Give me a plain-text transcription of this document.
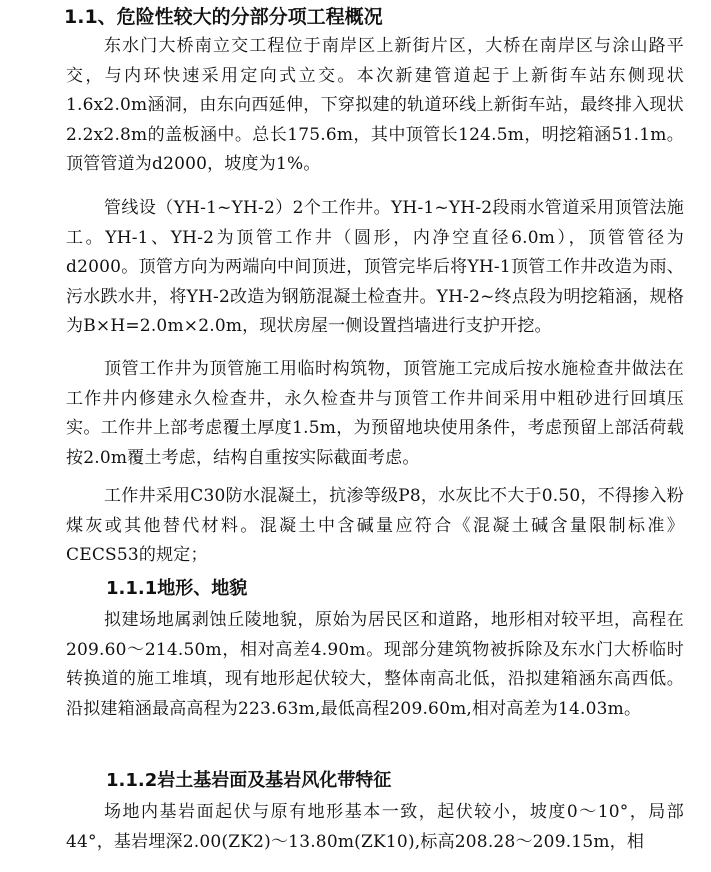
1.1、危险性较大的分部分项工程概况

东水门大桥南立交工程位于南岸区上新街片区，大桥在南岸区与涂山路平交，与内环快速采用定向式立交。本次新建管道起于上新街车站东侧现状1.6x2.0m涵洞，由东向西延伸，下穿拟建的轨道环线上新街车站，最终排入现状2.2x2.8m的盖板涵中。总长175.6m，其中顶管长124.5m，明挖箱涵51.1m。顶管管道为d2000，坡度为1%。

管线设（YH-1~YH-2）2个工作井。YH-1~YH-2段雨水管道采用顶管法施工。YH-1、YH-2为顶管工作井（圆形，内净空直径6.0m），顶管管径为d2000。顶管方向为两端向中间顶进，顶管完毕后将YH-1顶管工作井改造为雨、污水跌水井，将YH-2改造为钢筋混凝土检查井。YH-2~终点段为明挖箱涵，规格为B×H=2.0m×2.0m，现状房屋一侧设置挡墙进行支护开挖。

顶管工作井为顶管施工用临时构筑物，顶管施工完成后按水施检查井做法在工作井内修建永久检查井，永久检查井与顶管工作井间采用中粗砂进行回填压实。工作井上部考虑覆土厚度1.5m，为预留地块使用条件，考虑预留上部活荷载按2.0m覆土考虑，结构自重按实际截面考虑。

工作井采用C30防水混凝土，抗渗等级P8，水灰比不大于0.50，不得掺入粉煤灰或其他替代材料。混凝土中含碱量应符合《混凝土碱含量限制标准》CECS53的规定；

1.1.1地形、地貌

拟建场地属剥蚀丘陵地貌，原始为居民区和道路，地形相对较平坦，高程在209.60～214.50m，相对高差4.90m。现部分建筑物被拆除及东水门大桥临时转换道的施工堆填，现有地形起伏较大，整体南高北低，沿拟建箱涵东高西低。沿拟建箱涵最高高程为223.63m,最低高程209.60m,相对高差为14.03m。

1.1.2岩土基岩面及基岩风化带特征

场地内基岩面起伏与原有地形基本一致，起伏较小，坡度0～10°，局部44°，基岩埋深2.00(ZK2)～13.80m(ZK10),标高208.28～209.15m，相
